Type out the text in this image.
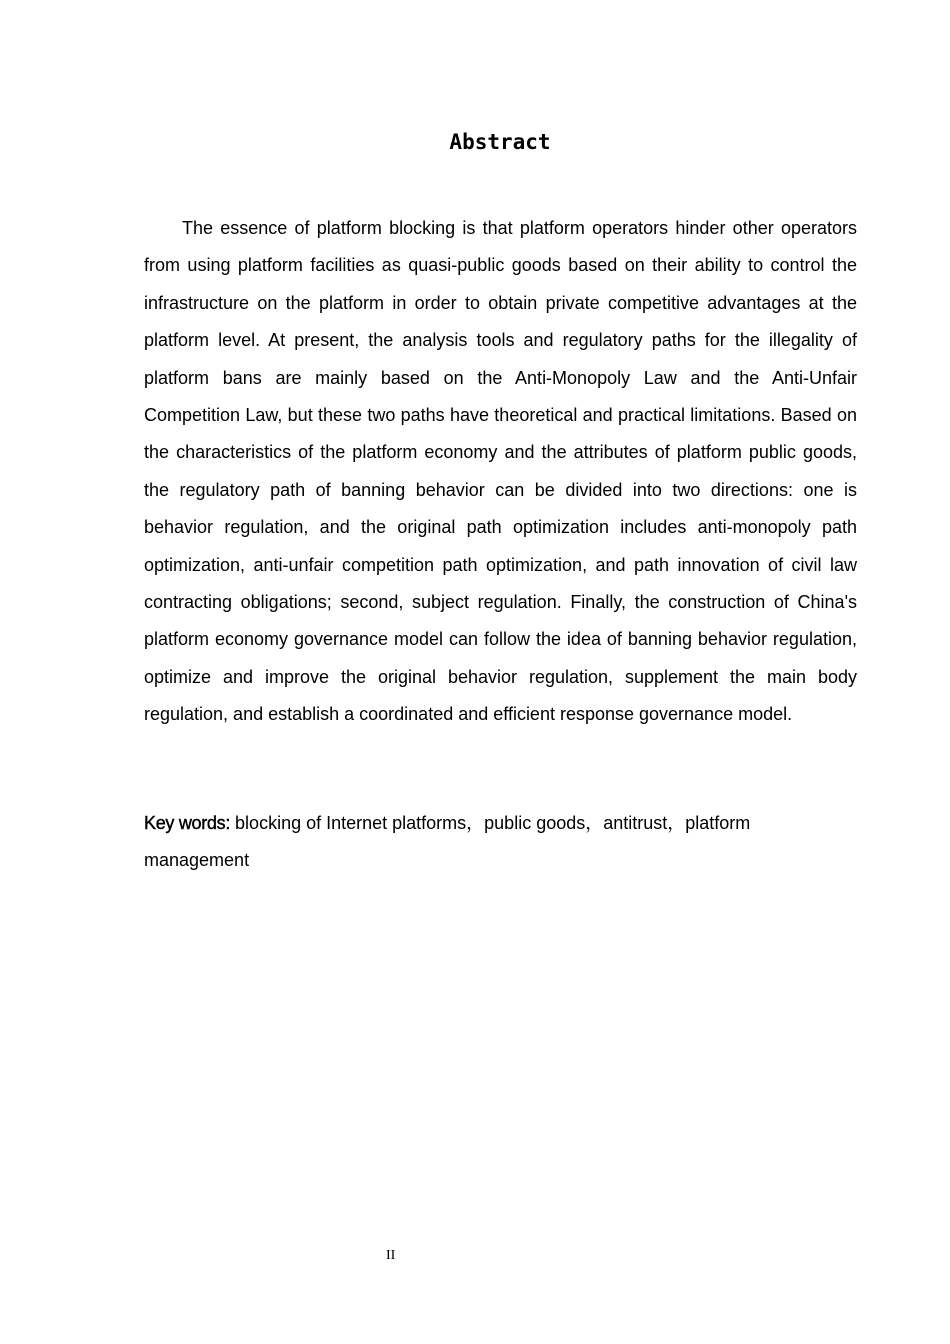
Abstract

The essence of platform blocking is that platform operators hinder other operators from using platform facilities as quasi-public goods based on their ability to control the infrastructure on the platform in order to obtain private competitive advantages at the platform level. At present, the analysis tools and regulatory paths for the illegality of platform bans are mainly based on the Anti-Monopoly Law and the Anti-Unfair Competition Law, but these two paths have theoretical and practical limitations. Based on the characteristics of the platform economy and the attributes of platform public goods, the regulatory path of banning behavior can be divided into two directions: one is behavior regulation, and the original path optimization includes anti-monopoly path optimization, anti-unfair competition path optimization, and path innovation of civil law contracting obligations; second, subject regulation. Finally, the construction of China's platform economy governance model can follow the idea of banning behavior regulation, optimize and improve the original behavior regulation, supplement the main body regulation, and establish a coordinated and efficient response governance model.

Key words: blocking of Internet platforms，public goods，antitrust，platform management

II
